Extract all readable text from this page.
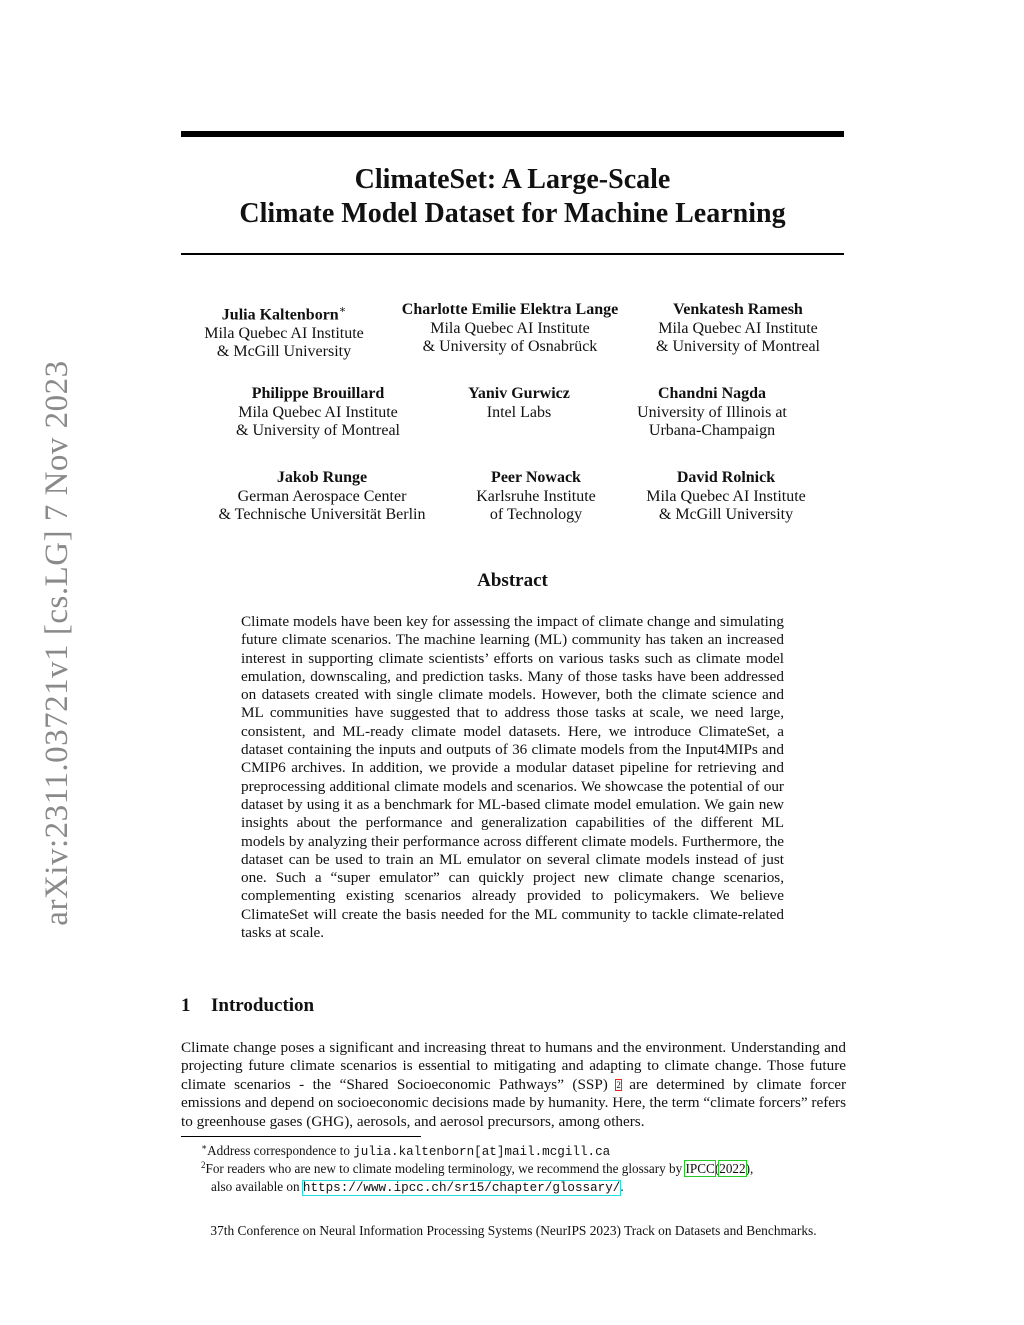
arXiv:2311.03721v1 [cs.LG] 7 Nov 2023
ClimateSet: A Large-Scale
Climate Model Dataset for Machine Learning
Julia Kaltenborn∗
Mila Quebec AI Institute
& McGill University
Charlotte Emilie Elektra Lange
Mila Quebec AI Institute
& University of Osnabrück
Venkatesh Ramesh
Mila Quebec AI Institute
& University of Montreal
Philippe Brouillard
Mila Quebec AI Institute
& University of Montreal
Yaniv Gurwicz
Intel Labs
Chandni Nagda
University of Illinois at
Urbana-Champaign
Jakob Runge
German Aerospace Center
& Technische Universität Berlin
Peer Nowack
Karlsruhe Institute
of Technology
David Rolnick
Mila Quebec AI Institute
& McGill University
Abstract
Climate models have been key for assessing the impact of climate change and simulating future climate scenarios. The machine learning (ML) community has taken an increased interest in supporting climate scientists’ efforts on various tasks such as climate model emulation, downscaling, and prediction tasks. Many of those tasks have been addressed on datasets created with single climate models. However, both the climate science and ML communities have suggested that to address those tasks at scale, we need large, consistent, and ML-ready climate model datasets. Here, we introduce ClimateSet, a dataset containing the inputs and outputs of 36 climate models from the Input4MIPs and CMIP6 archives. In addition, we provide a modular dataset pipeline for retrieving and preprocessing additional climate models and scenarios. We showcase the potential of our dataset by using it as a benchmark for ML-based climate model emulation. We gain new insights about the performance and generalization capabilities of the different ML models by analyzing their performance across different climate models. Furthermore, the dataset can be used to train an ML emulator on several climate models instead of just one. Such a “super emulator” can quickly project new climate change scenarios, complementing existing scenarios already provided to policymakers. We believe ClimateSet will create the basis needed for the ML community to tackle climate-related tasks at scale.
1 Introduction
Climate change poses a significant and increasing threat to humans and the environment. Understanding and projecting future climate scenarios is essential to mitigating and adapting to climate change. Those future climate scenarios - the “Shared Socioeconomic Pathways” (SSP) $^2$ are determined by climate forcer emissions and depend on socioeconomic decisions made by humanity. Here, the term “climate forcers” refers to greenhouse gases (GHG), aerosols, and aerosol precursors, among others.
∗Address correspondence to julia.kaltenborn[at]mail.mcgill.ca
$^2$For readers who are new to climate modeling terminology, we recommend the glossary by IPCC(2022),
also available on https://www.ipcc.ch/sr15/chapter/glossary/.
37th Conference on Neural Information Processing Systems (NeurIPS 2023) Track on Datasets and Benchmarks.
